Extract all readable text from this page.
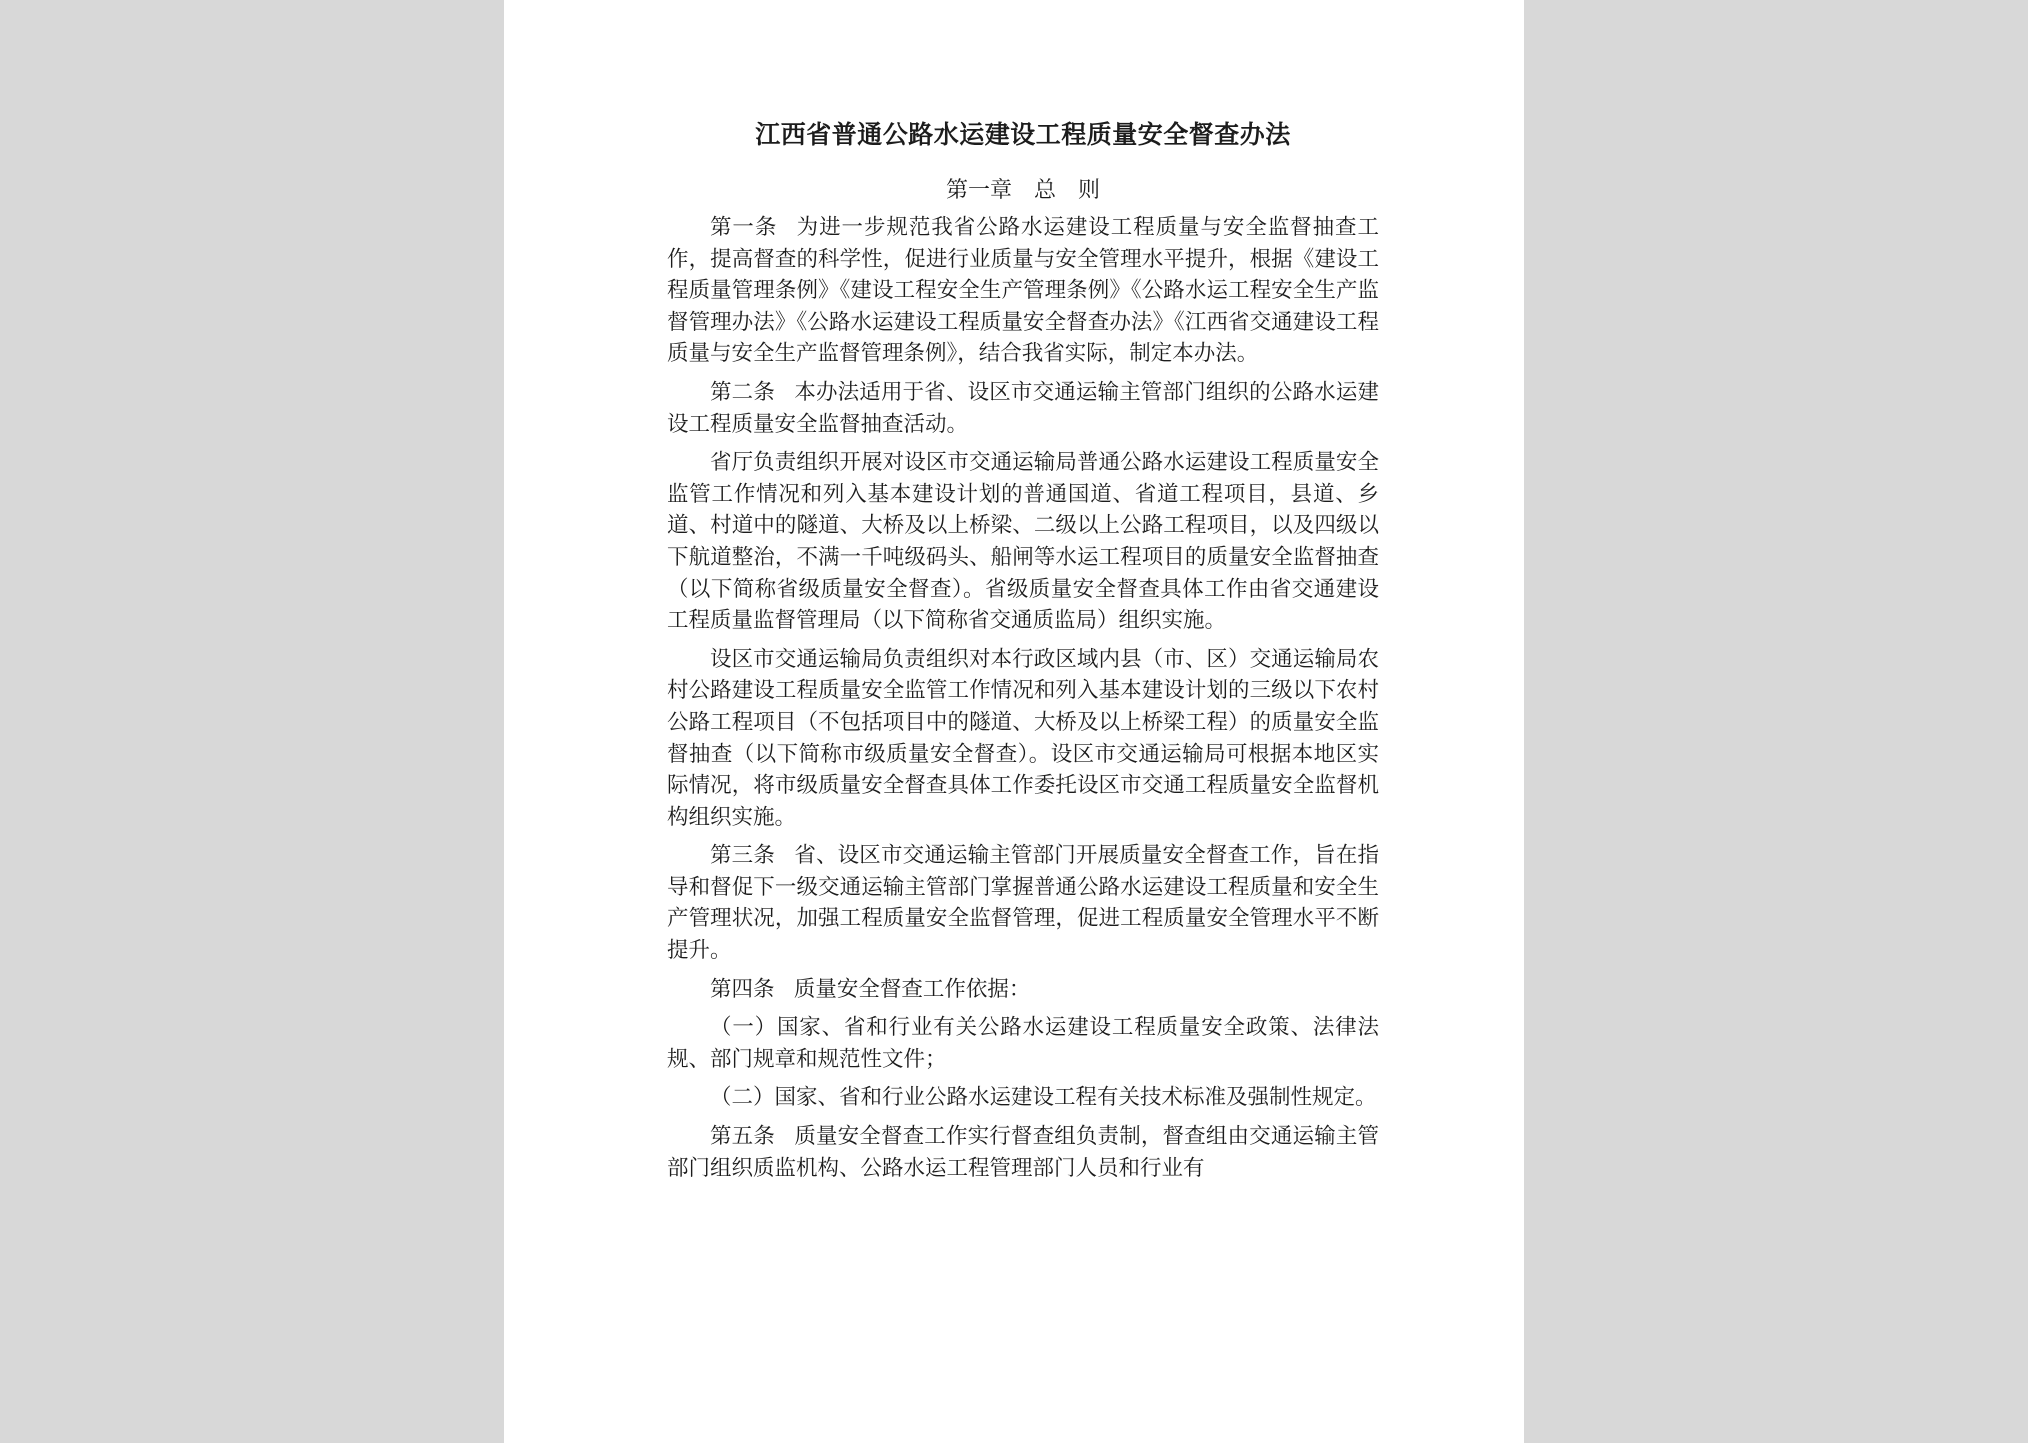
江西省普通公路水运建设工程质量安全督查办法
第一章　总　则

第一条 为进一步规范我省公路水运建设工程质量与安全监督抽查工作，提高督查的科学性，促进行业质量与安全管理水平提升，根据《建设工程质量管理条例》《建设工程安全生产管理条例》《公路水运工程安全生产监督管理办法》《公路水运建设工程质量安全督查办法》《江西省交通建设工程质量与安全生产监督管理条例》，结合我省实际，制定本办法。

第二条 本办法适用于省、设区市交通运输主管部门组织的公路水运建设工程质量安全监督抽查活动。

省厅负责组织开展对设区市交通运输局普通公路水运建设工程质量安全监管工作情况和列入基本建设计划的普通国道、省道工程项目，县道、乡道、村道中的隧道、大桥及以上桥梁、二级以上公路工程项目，以及四级以下航道整治，不满一千吨级码头、船闸等水运工程项目的质量安全监督抽查（以下简称省级质量安全督查）。省级质量安全督查具体工作由省交通建设工程质量监督管理局（以下简称省交通质监局）组织实施。

设区市交通运输局负责组织对本行政区域内县（市、区）交通运输局农村公路建设工程质量安全监管工作情况和列入基本建设计划的三级以下农村公路工程项目（不包括项目中的隧道、大桥及以上桥梁工程）的质量安全监督抽查（以下简称市级质量安全督查）。设区市交通运输局可根据本地区实际情况，将市级质量安全督查具体工作委托设区市交通工程质量安全监督机构组织实施。

第三条 省、设区市交通运输主管部门开展质量安全督查工作，旨在指导和督促下一级交通运输主管部门掌握普通公路水运建设工程质量和安全生产管理状况，加强工程质量安全监督管理，促进工程质量安全管理水平不断提升。

第四条 质量安全督查工作依据：

（一）国家、省和行业有关公路水运建设工程质量安全政策、法律法规、部门规章和规范性文件；

（二）国家、省和行业公路水运建设工程有关技术标准及强制性规定。

第五条 质量安全督查工作实行督查组负责制，督查组由交通运输主管部门组织质监机构、公路水运工程管理部门人员和行业有
